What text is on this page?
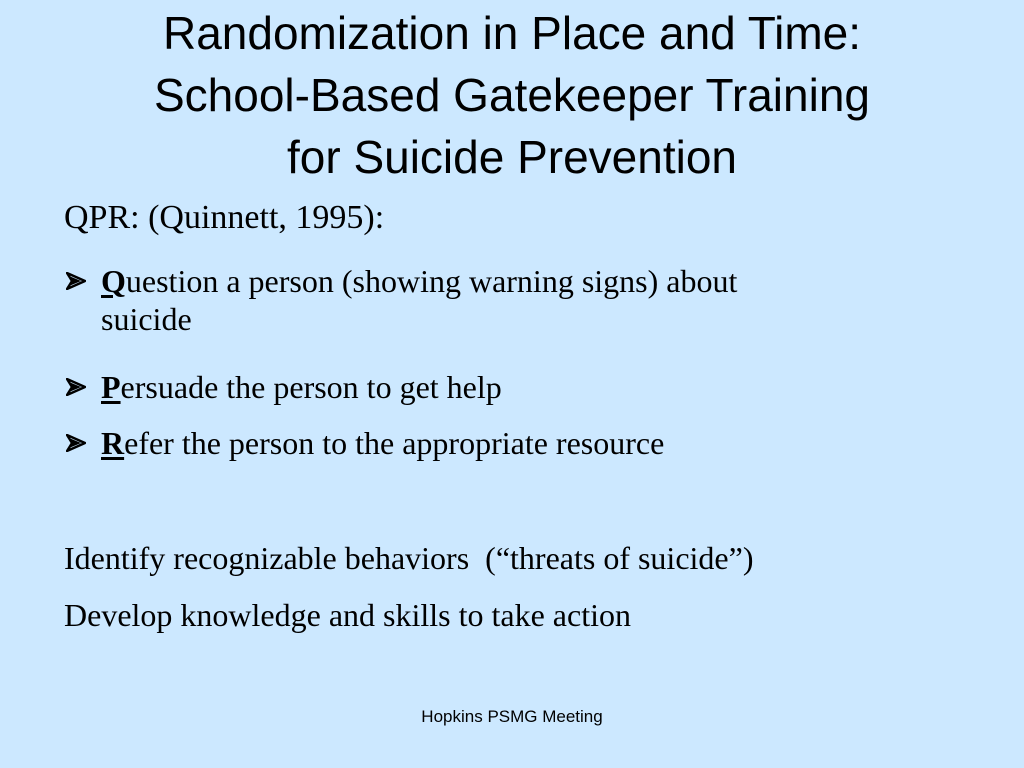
Randomization in Place and Time:
School-Based Gatekeeper Training
for Suicide Prevention
QPR: (Quinnett, 1995):
Question a person (showing warning signs) about
suicide
Persuade the person to get help
Refer the person to the appropriate resource
Identify recognizable behaviors  (“threats of suicide”)
Develop knowledge and skills to take action
Hopkins PSMG Meeting
